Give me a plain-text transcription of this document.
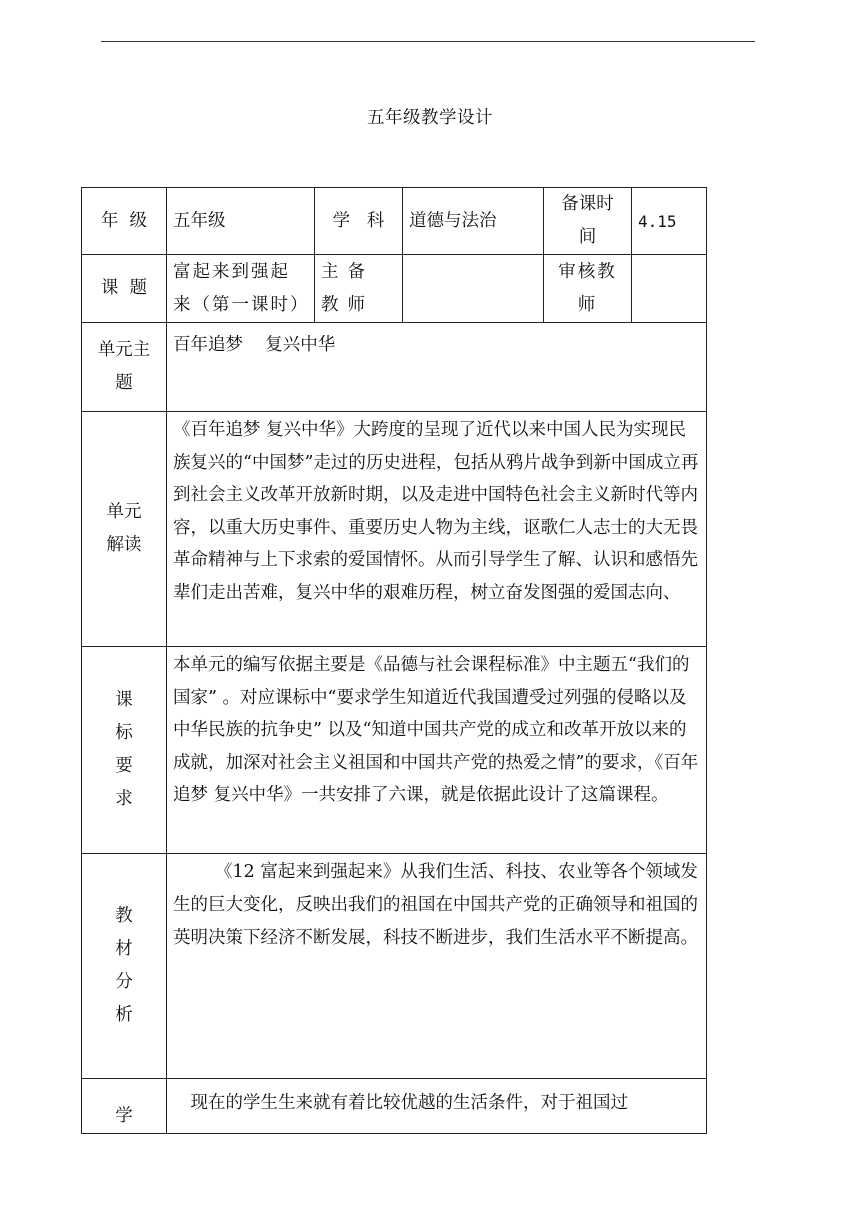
五年级教学设计
年  级	五年级	学   科	道德与法治	备课时间	4.15
课  题	富起来到强起来（第一课时）	主备教师		审核教师	
单元主题	百年追梦    复兴中华				
单元解读	《百年追梦 复兴中华》大跨度的呈现了近代以来中国人民为实现民族复兴的“中国梦”走过的历史进程，包括从鸦片战争到新中国成立再到社会主义改革开放新时期，以及走进中国特色社会主义新时代等内容，以重大历史事件、重要历史人物为主线，讴歌仁人志士的大无畏革命精神与上下求索的爱国情怀。从而引导学生了解、认识和感悟先辈们走出苦难，复兴中华的艰难历程，树立奋发图强的爱国志向、				
课标要求	本单元的编写依据主要是《品德与社会课程标准》中主题五“我们的国家” 。对应课标中“要求学生知道近代我国遭受过列强的侵略以及中华民族的抗争史” 以及“知道中国共产党的成立和改革开放以来的成就，加深对社会主义祖国和中国共产党的热爱之情”的要求，《百年追梦 复兴中华》一共安排了六课，就是依据此设计了这篇课程。				
教材分析	《12 富起来到强起来》从我们生活、科技、农业等各个领域发生的巨大变化，反映出我们的祖国在中国共产党的正确领导和祖国的英明决策下经济不断发展，科技不断进步，我们生活水平不断提高。				
学	现在的学生生来就有着比较优越的生活条件，对于祖国过				
